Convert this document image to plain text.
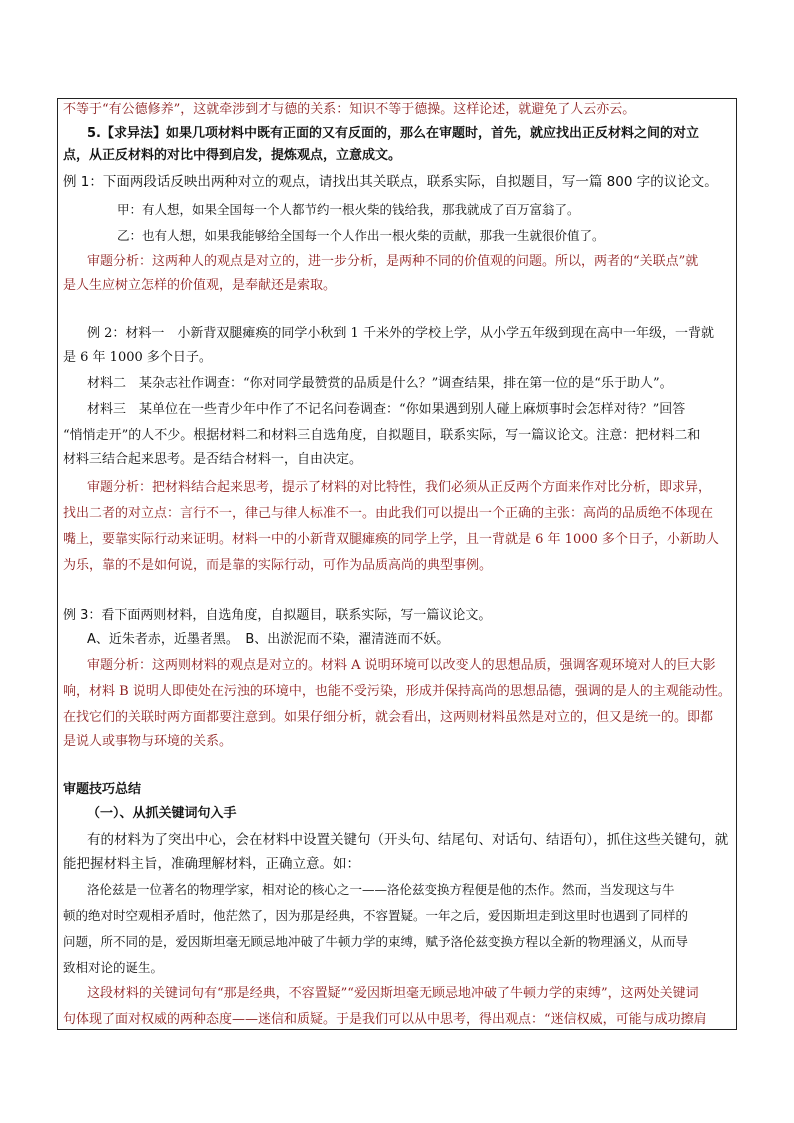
不等于“有公德修养”，这就牵涉到才与德的关系：知识不等于德操。这样论述，就避免了人云亦云。
5.【求异法】如果几项材料中既有正面的又有反面的，那么在审题时，首先，就应找出正反材料之间的对立
点，从正反材料的对比中得到启发，提炼观点，立意成文。
例 1：下面两段话反映出两种对立的观点，请找出其关联点，联系实际，自拟题目，写一篇 800 字的议论文。
甲：有人想，如果全国每一个人都节约一根火柴的钱给我，那我就成了百万富翁了。
乙：也有人想，如果我能够给全国每一个人作出一根火柴的贡献，那我一生就很价值了。
审题分析：这两种人的观点是对立的，进一步分析，是两种不同的价值观的问题。所以，两者的“关联点”就
是人生应树立怎样的价值观，是奉献还是索取。
例 2：材料一　小新背双腿瘫痪的同学小秋到 1 千米外的学校上学，从小学五年级到现在高中一年级，一背就
是 6 年 1000 多个日子。
材料二　某杂志社作调查：“你对同学最赞赏的品质是什么？”调查结果，排在第一位的是“乐于助人”。
材料三　某单位在一些青少年中作了不记名问卷调查：“你如果遇到别人碰上麻烦事时会怎样对待？”回答
“悄悄走开”的人不少。根据材料二和材料三自选角度，自拟题目，联系实际，写一篇议论文。注意：把材料二和
材料三结合起来思考。是否结合材料一，自由决定。
审题分析：把材料结合起来思考，提示了材料的对比特性，我们必须从正反两个方面来作对比分析，即求异，
找出二者的对立点：言行不一，律己与律人标准不一。由此我们可以提出一个正确的主张：高尚的品质绝不体现在
嘴上，要靠实际行动来证明。材料一中的小新背双腿瘫痪的同学上学，且一背就是 6 年 1000 多个日子，小新助人
为乐，靠的不是如何说，而是靠的实际行动，可作为品质高尚的典型事例。
例 3：看下面两则材料，自选角度，自拟题目，联系实际，写一篇议论文。
A、近朱者赤，近墨者黑。　B、出淤泥而不染，濯清涟而不妖。
审题分析：这两则材料的观点是对立的。材料 A 说明环境可以改变人的思想品质，强调客观环境对人的巨大影
响，材料 B 说明人即使处在污浊的环境中，也能不受污染，形成并保持高尚的思想品德，强调的是人的主观能动性。
在找它们的关联时两方面都要注意到。如果仔细分析，就会看出，这两则材料虽然是对立的，但又是统一的。即都
是说人或事物与环境的关系。
审题技巧总结
（一）、从抓关键词句入手
有的材料为了突出中心，会在材料中设置关键句（开头句、结尾句、对话句、结语句），抓住这些关键句，就
能把握材料主旨，准确理解材料，正确立意。如：
洛伦兹是一位著名的物理学家，相对论的核心之一——洛伦兹变换方程便是他的杰作。然而，当发现这与牛
顿的绝对时空观相矛盾时，他茫然了，因为那是经典，不容置疑。一年之后，爱因斯坦走到这里时也遇到了同样的
问题，所不同的是，爱因斯坦毫无顾忌地冲破了牛顿力学的束缚，赋予洛伦兹变换方程以全新的物理涵义，从而导
致相对论的诞生。
这段材料的关键词句有“那是经典，不容置疑”“爱因斯坦毫无顾忌地冲破了牛顿力学的束缚”，这两处关键词
句体现了面对权威的两种态度——迷信和质疑。于是我们可以从中思考，得出观点：“迷信权威，可能与成功擦肩
